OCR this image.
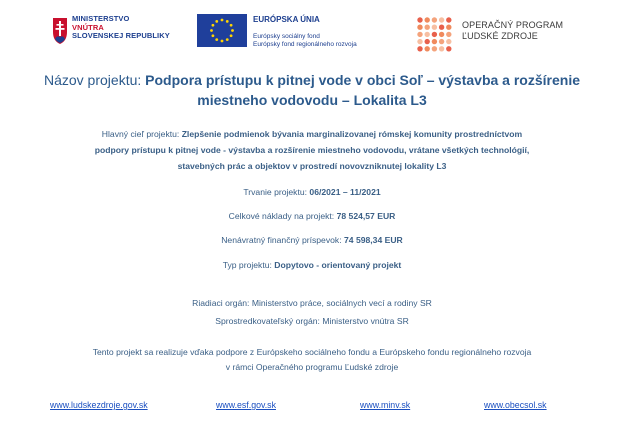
MINISTERSTVO
VNÚTRA
SLOVENSKEJ REPUBLIKY
EURÓPSKA ÚNIA
Európsky sociálny fond
Európsky fond regionálneho rozvoja
OPERAČNÝ PROGRAM
ĽUDSKÉ ZDROJE
Názov projektu: Podpora prístupu k pitnej vode v obci Soľ – výstavba a rozšírenie
miestneho vodovodu – Lokalita L3
Hlavný cieľ projektu: Zlepšenie podmienok bývania marginalizovanej rómskej komunity prostredníctvom
podpory prístupu k pitnej vode - výstavba a rozšírenie miestneho vodovodu, vrátane všetkých technológií,
stavebných prác a objektov v prostredí novovzniknutej lokality L3
Trvanie projektu: 06/2021 – 11/2021
Celkové náklady na projekt: 78 524,57 EUR
Nenávratný finančný príspevok: 74 598,34 EUR
Typ projektu: Dopytovo - orientovaný projekt
Riadiaci orgán: Ministerstvo práce, sociálnych vecí a rodiny SR
Sprostredkovateľský orgán: Ministerstvo vnútra SR
Tento projekt sa realizuje vďaka podpore z Európskeho sociálneho fondu a Európskeho fondu regionálneho rozvoja
v rámci Operačného programu Ľudské zdroje
www.ludskezdroje.gov.sk	www.esf.gov.sk	www.minv.sk	www.obecsol.sk
